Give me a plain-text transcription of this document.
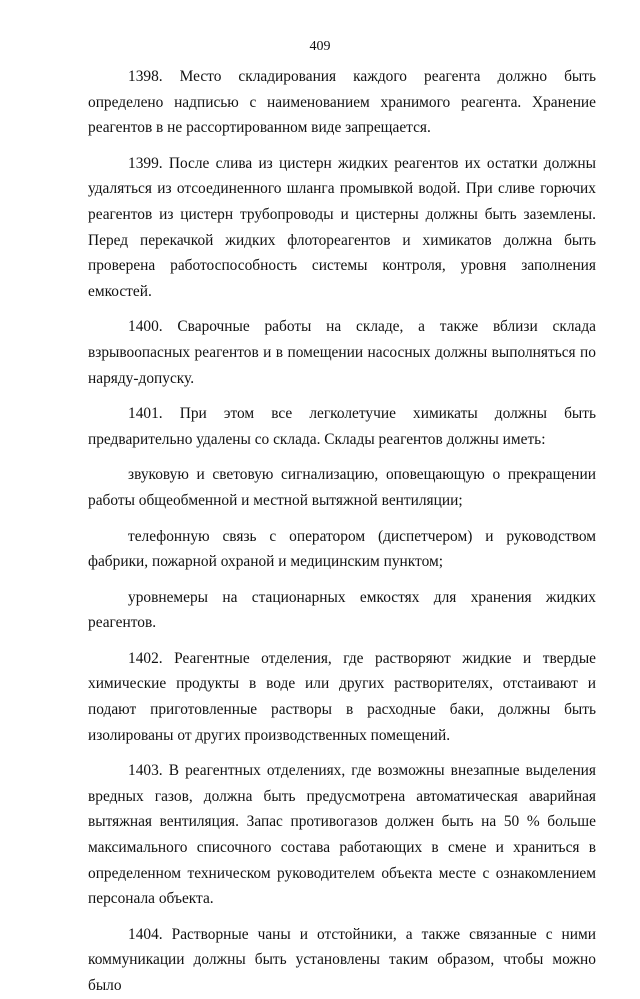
409

1398. Место складирования каждого реагента должно быть определено надписью с наименованием хранимого реагента. Хранение реагентов в не рассортированном виде запрещается.

1399. После слива из цистерн жидких реагентов их остатки должны удаляться из отсоединенного шланга промывкой водой. При сливе горючих реагентов из цистерн трубопроводы и цистерны должны быть заземлены. Перед перекачкой жидких флотореагентов и химикатов должна быть проверена работоспособность системы контроля, уровня заполнения емкостей.

1400. Сварочные работы на складе, а также вблизи склада взрывоопасных реагентов и в помещении насосных должны выполняться по наряду-допуску.

1401. При этом все легколетучие химикаты должны быть предварительно удалены со склада. Склады реагентов должны иметь:

звуковую и световую сигнализацию, оповещающую о прекращении работы общеобменной и местной вытяжной вентиляции;

телефонную связь с оператором (диспетчером) и руководством фабрики, пожарной охраной и медицинским пунктом;

уровнемеры на стационарных емкостях для хранения жидких реагентов.

1402. Реагентные отделения, где растворяют жидкие и твердые химические продукты в воде или других растворителях, отстаивают и подают приготовленные растворы в расходные баки, должны быть изолированы от других производственных помещений.

1403. В реагентных отделениях, где возможны внезапные выделения вредных газов, должна быть предусмотрена автоматическая аварийная вытяжная вентиляция. Запас противогазов должен быть на 50 % больше максимального списочного состава работающих в смене и храниться в определенном техническом руководителем объекта месте с ознакомлением персонала объекта.

1404. Растворные чаны и отстойники, а также связанные с ними коммуникации должны быть установлены таким образом, чтобы можно было
